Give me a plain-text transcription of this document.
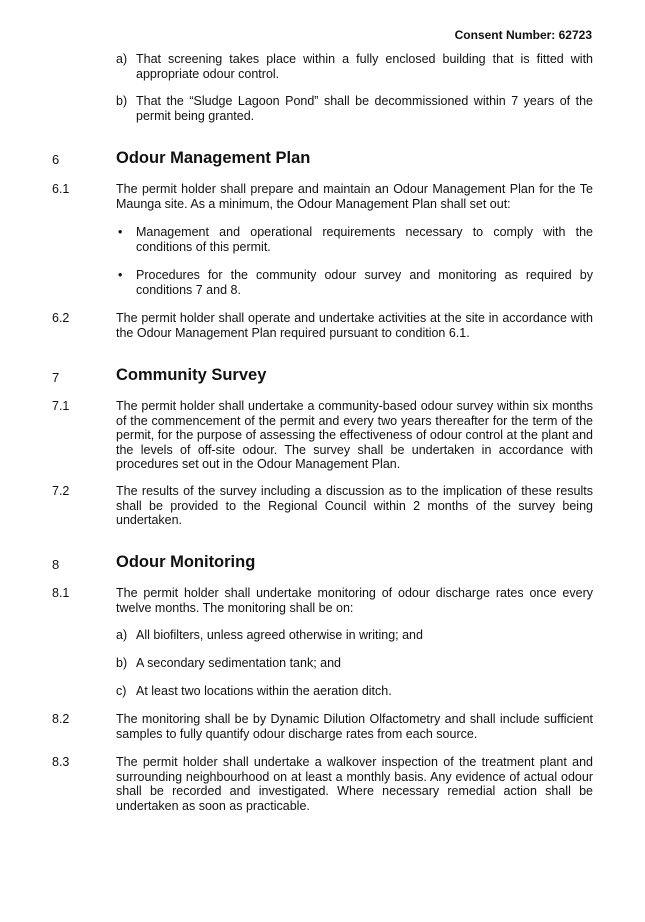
Consent Number: 62723
a) That screening takes place within a fully enclosed building that is fitted with appropriate odour control.
b) That the “Sludge Lagoon Pond” shall be decommissioned within 7 years of the permit being granted.
6	Odour Management Plan
6.1	The permit holder shall prepare and maintain an Odour Management Plan for the Te Maunga site. As a minimum, the Odour Management Plan shall set out:
• Management and operational requirements necessary to comply with the conditions of this permit.
• Procedures for the community odour survey and monitoring as required by conditions 7 and 8.
6.2	The permit holder shall operate and undertake activities at the site in accordance with the Odour Management Plan required pursuant to condition 6.1.
7	Community Survey
7.1	The permit holder shall undertake a community-based odour survey within six months of the commencement of the permit and every two years thereafter for the term of the permit, for the purpose of assessing the effectiveness of odour control at the plant and the levels of off-site odour. The survey shall be undertaken in accordance with procedures set out in the Odour Management Plan.
7.2	The results of the survey including a discussion as to the implication of these results shall be provided to the Regional Council within 2 months of the survey being undertaken.
8	Odour Monitoring
8.1	The permit holder shall undertake monitoring of odour discharge rates once every twelve months. The monitoring shall be on:
a) All biofilters, unless agreed otherwise in writing; and
b) A secondary sedimentation tank; and
c) At least two locations within the aeration ditch.
8.2	The monitoring shall be by Dynamic Dilution Olfactometry and shall include sufficient samples to fully quantify odour discharge rates from each source.
8.3	The permit holder shall undertake a walkover inspection of the treatment plant and surrounding neighbourhood on at least a monthly basis. Any evidence of actual odour shall be recorded and investigated. Where necessary remedial action shall be undertaken as soon as practicable.
